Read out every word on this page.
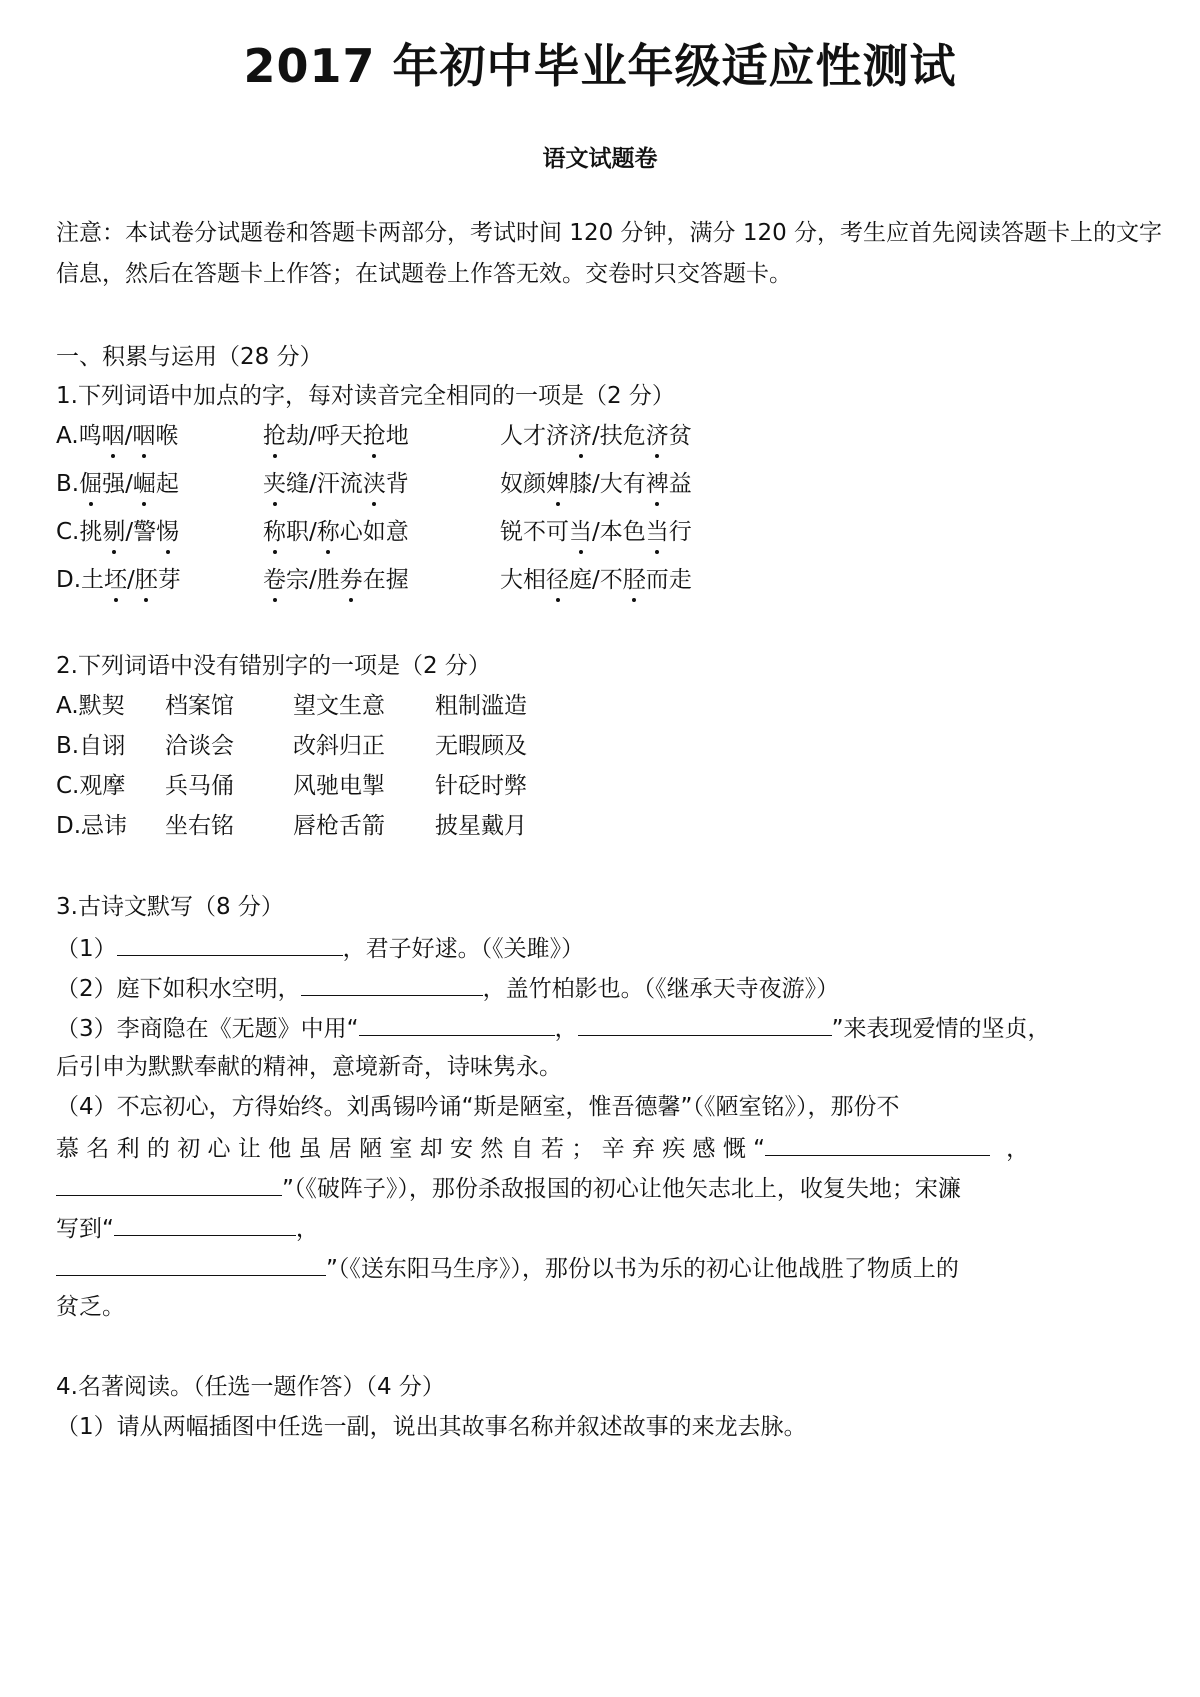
2017 年初中毕业年级适应性测试
语文试题卷

注意：本试卷分试题卷和答题卡两部分，考试时间 120 分钟，满分 120 分，考生应首先阅读答题卡上的文字信息，然后在答题卡上作答；在试题卷上作答无效。交卷时只交答题卡。

一、积累与运用（28 分）
1.下列词语中加点的字，每对读音完全相同的一项是（2 分）
A.鸣咽/咽喉	抢劫/呼天抢地	人才济济/扶危济贫
B.倔强/崛起	夹缝/汗流浃背	奴颜婢膝/大有裨益
C.挑剔/警惕	称职/称心如意	锐不可当/本色当行
D.土坯/胚芽	卷宗/胜券在握	大相径庭/不胫而走
2.下列词语中没有错别字的一项是（2 分）
A.默契 档案馆	望文生意 粗制滥造
B.自诩 洽谈会	改斜归正 无暇顾及
C.观摩 兵马俑	风驰电掣 针砭时弊
D.忌讳 坐右铭	唇枪舌箭 披星戴月
3.古诗文默写（8 分）
（1）	，君子好逑。（《关雎》）
（2）庭下如积水空明，	，盖竹柏影也。（《继承天寺夜游》）
（3）李商隐在《无题》中用“	，	”来表现爱情的坚贞，
后引申为默默奉献的精神，意境新奇，诗味隽永。
（4）不忘初心，方得始终。刘禹锡吟诵“斯是陋室，惟吾德馨”（《陋室铭》），那份不
慕 名 利 的 初 心 让 他 虽 居 陋 室 却 安 然 自 若 ； 辛 弃 疾 感 慨 “	，
”（《破阵子》），那份杀敌报国的初心让他矢志北上，收复失地；宋濂
写到“	，
”（《送东阳马生序》），那份以书为乐的初心让他战胜了物质上的
贫乏。
4.名著阅读。（任选一题作答）（4 分）
（1）请从两幅插图中任选一副，说出其故事名称并叙述故事的来龙去脉。
